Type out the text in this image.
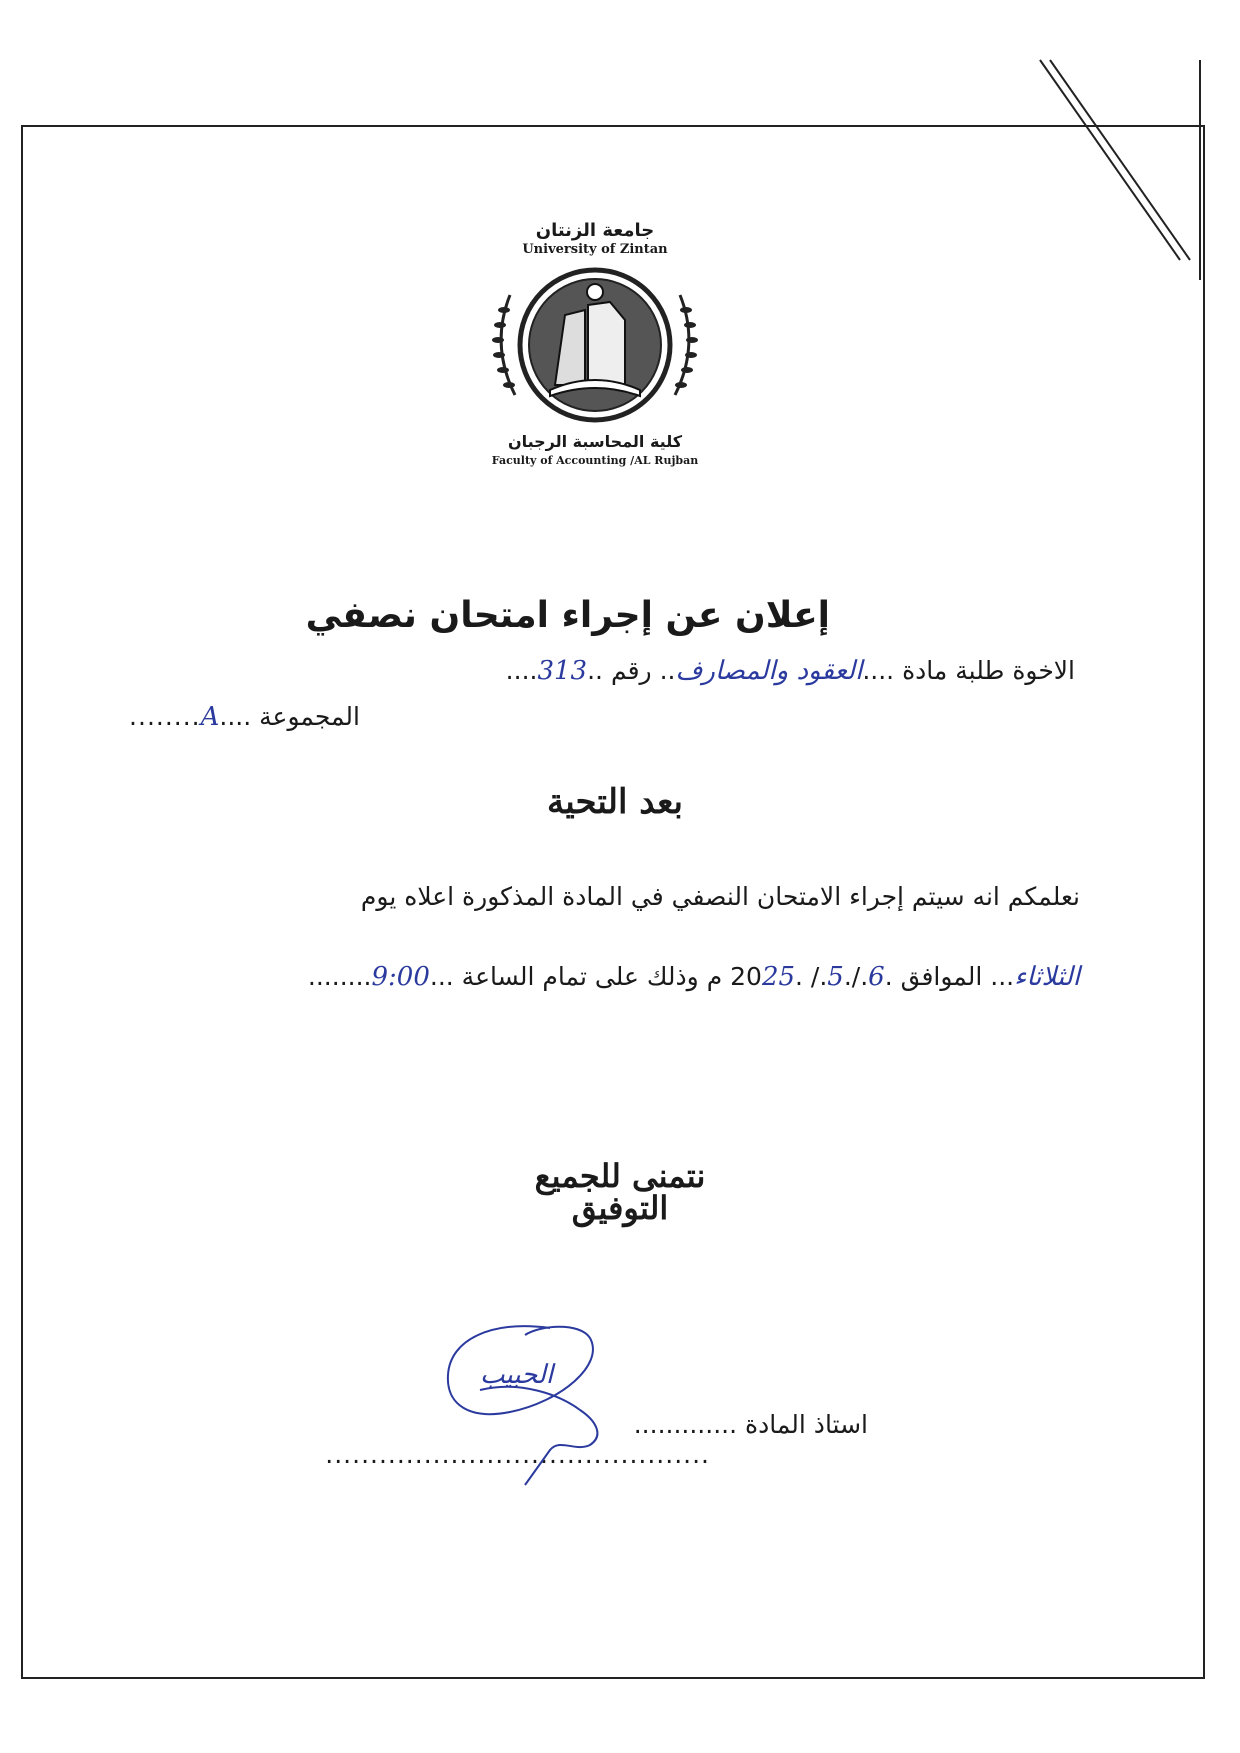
جامعة الزنتان
University of Zintan
كلية المحاسبة الرجبان
Faculty of Accounting /AL Rujban
إعلان عن إجراء امتحان نصفي
الاخوة طلبة مادة ....العقود والمصارف.. رقم ..313....
المجموعة ....A........
بعد التحية
نعلمكم انه سيتم إجراء الامتحان النصفي في المادة المذكورة اعلاه يوم
الثلاثاء... الموافق .6./.5./ .2025 م وذلك على تمام الساعة ...9:00........
نتمنى للجميع التوفيق
استاذ المادة .............
...........................................
الحبيب
